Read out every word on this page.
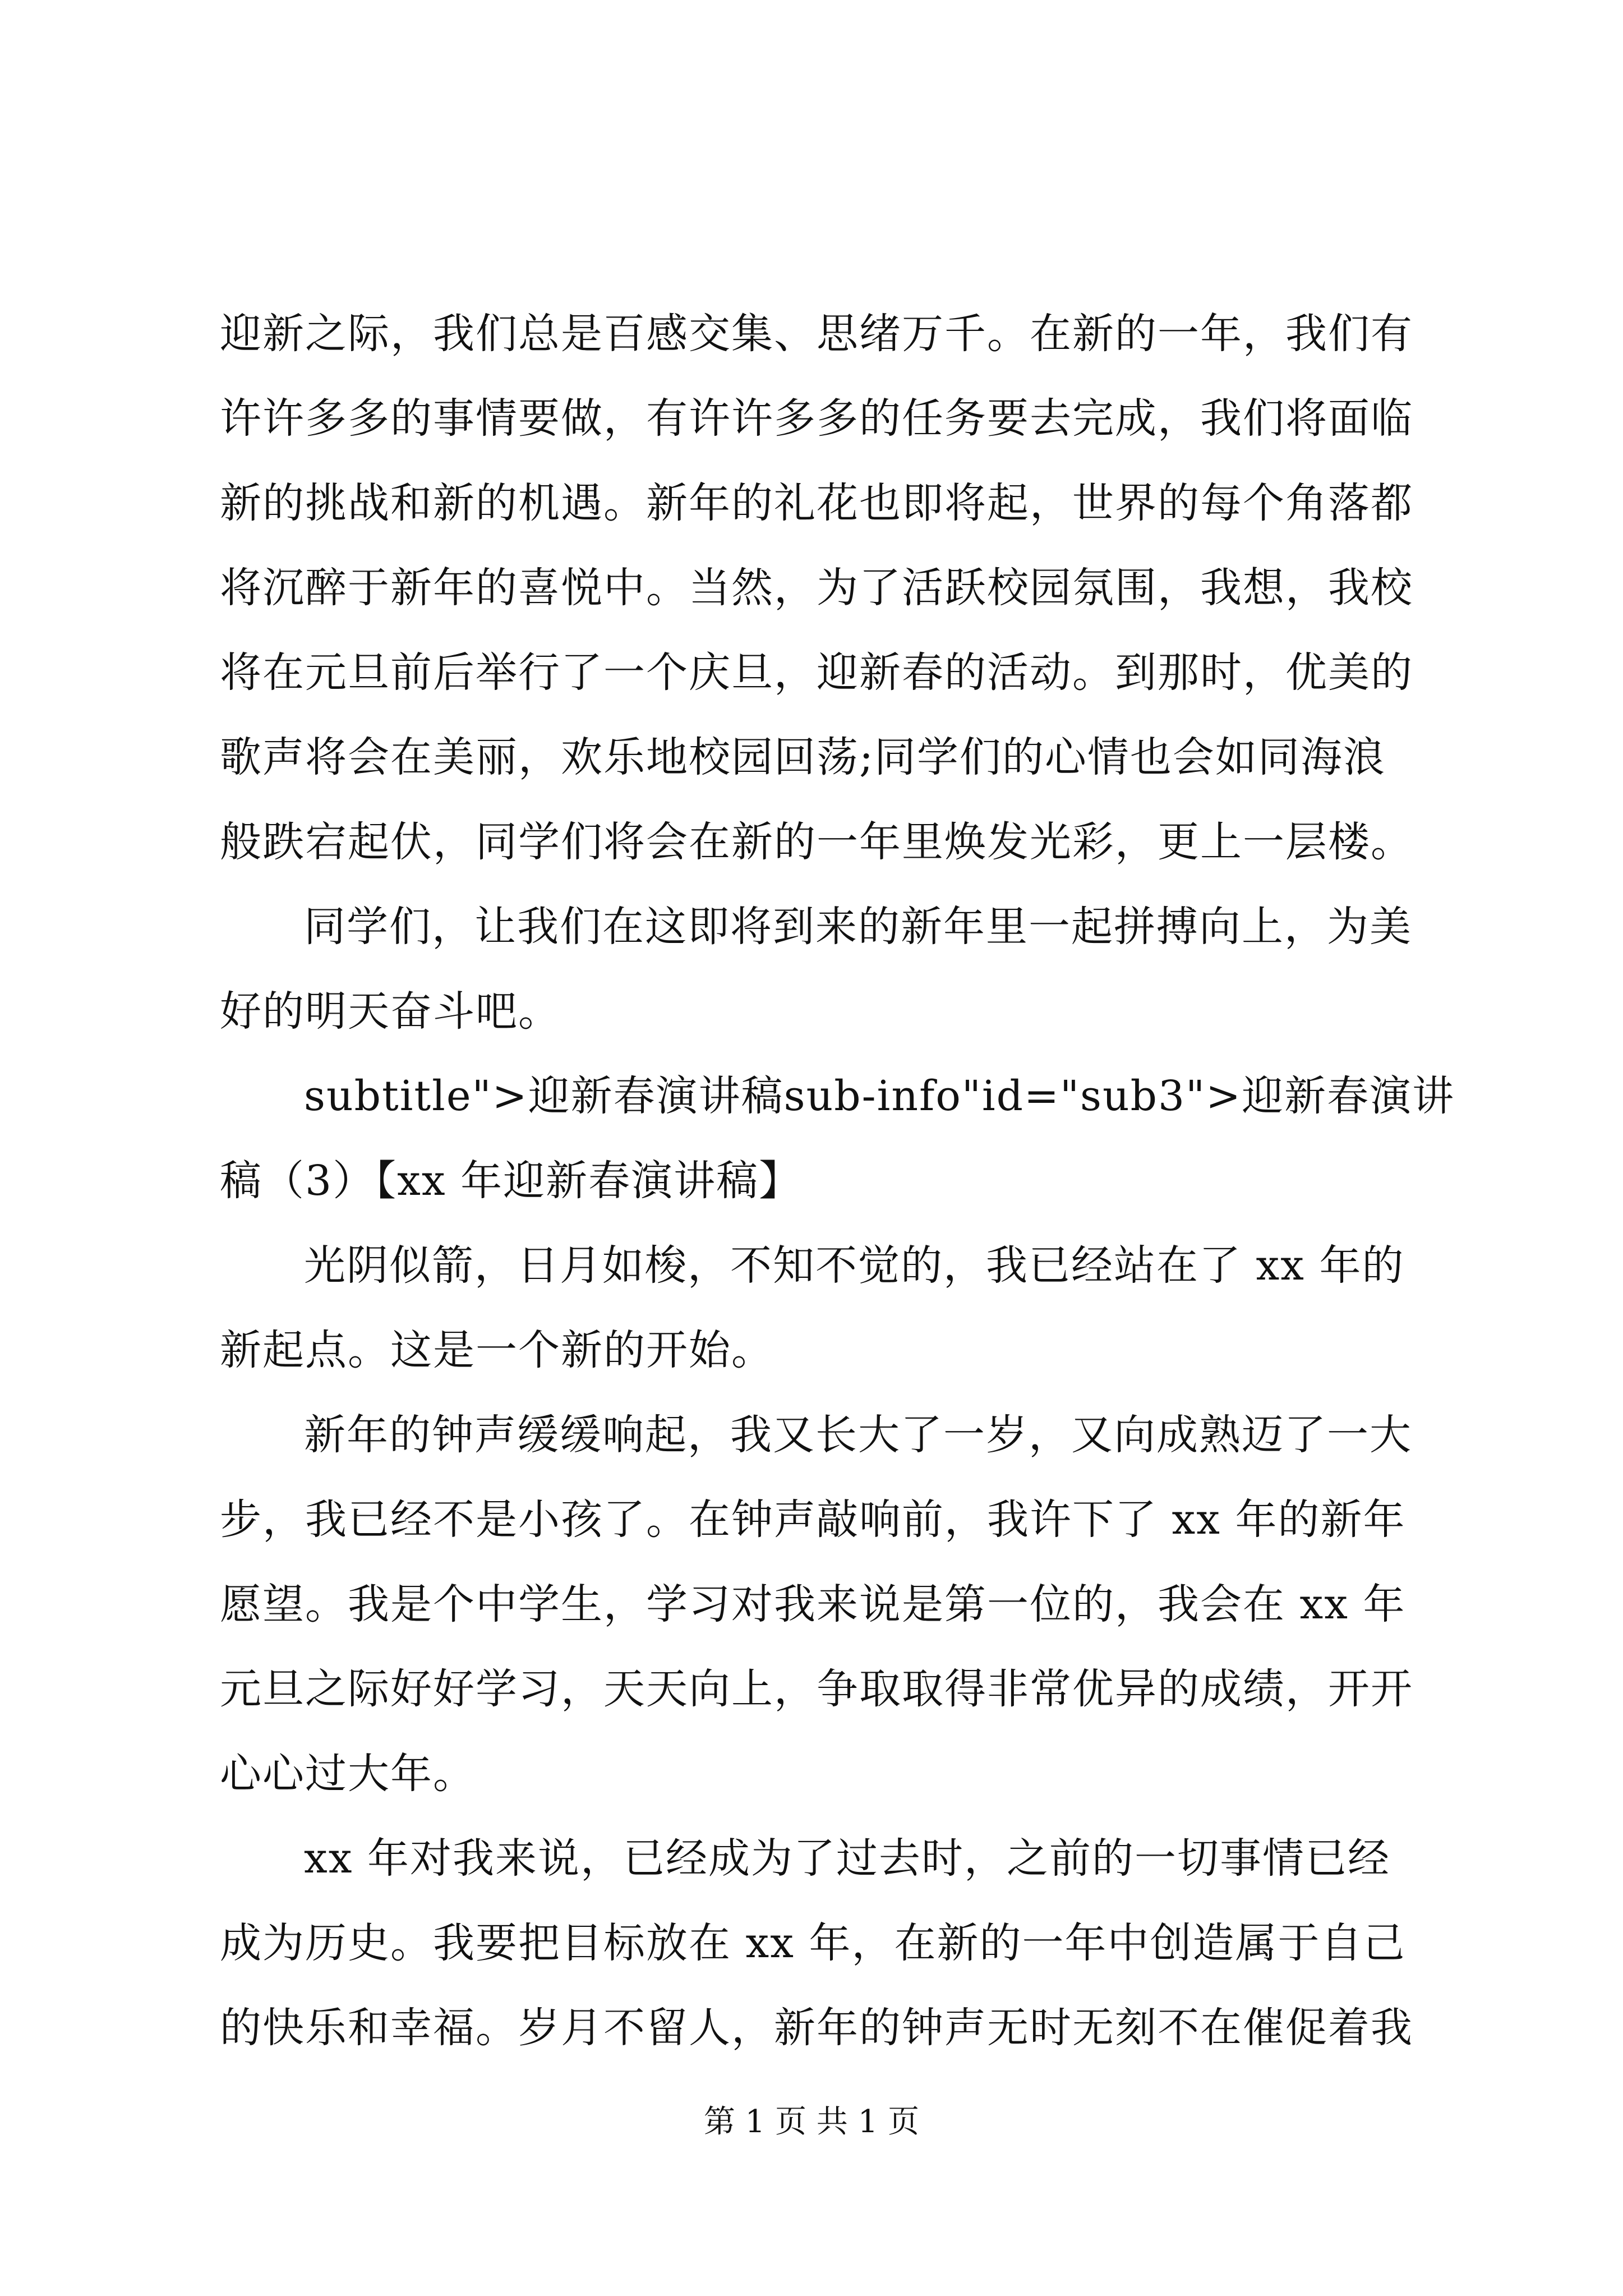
迎新之际，我们总是百感交集、思绪万千。在新的一年，我们有
许许多多的事情要做，有许许多多的任务要去完成，我们将面临
新的挑战和新的机遇。新年的礼花也即将起，世界的每个角落都
将沉醉于新年的喜悦中。当然，为了活跃校园氛围，我想，我校
将在元旦前后举行了一个庆旦，迎新春的活动。到那时，优美的
歌声将会在美丽，欢乐地校园回荡;同学们的心情也会如同海浪
般跌宕起伏，同学们将会在新的一年里焕发光彩，更上一层楼。
同学们，让我们在这即将到来的新年里一起拼搏向上，为美
好的明天奋斗吧。
subtitle">迎新春演讲稿sub-info"id="sub3">迎新春演讲
稿（3）【xx 年迎新春演讲稿】
光阴似箭，日月如梭，不知不觉的，我已经站在了 xx 年的
新起点。这是一个新的开始。
新年的钟声缓缓响起，我又长大了一岁，又向成熟迈了一大
步，我已经不是小孩了。在钟声敲响前，我许下了 xx 年的新年
愿望。我是个中学生，学习对我来说是第一位的，我会在 xx 年
元旦之际好好学习，天天向上，争取取得非常优异的成绩，开开
心心过大年。
xx 年对我来说，已经成为了过去时，之前的一切事情已经
成为历史。我要把目标放在 xx 年，在新的一年中创造属于自己
的快乐和幸福。岁月不留人，新年的钟声无时无刻不在催促着我
第 1 页 共 1 页
